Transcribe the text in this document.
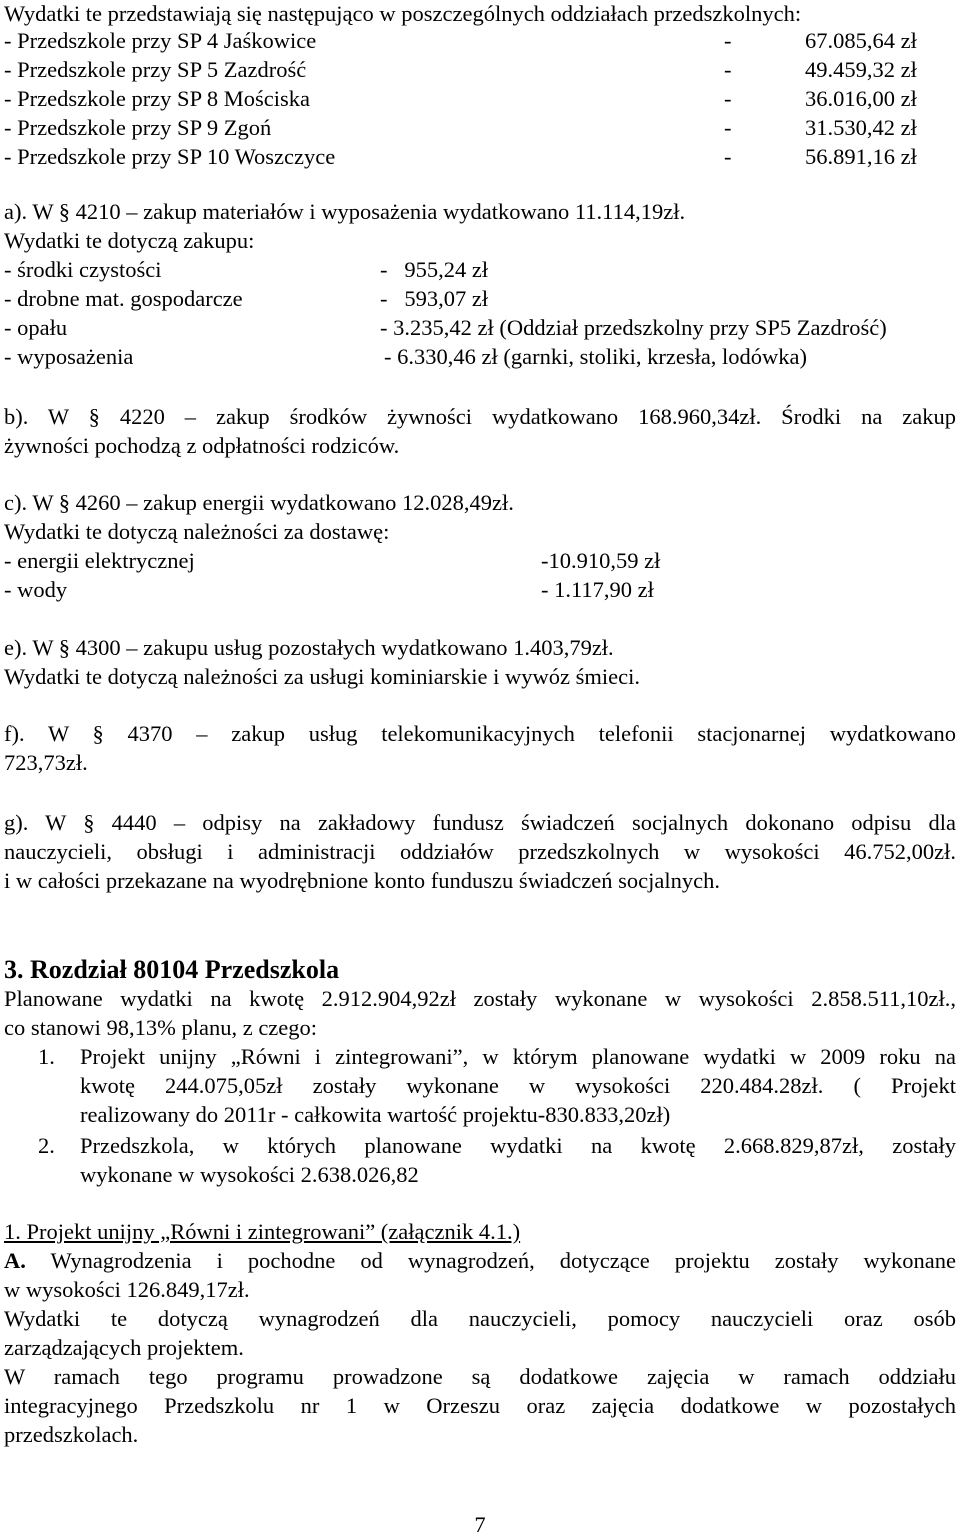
Wydatki te przedstawiają się następująco w poszczególnych oddziałach przedszkolnych:
- Przedszkole przy SP 4 Jaśkowice	-	67.085,64 zł
- Przedszkole przy SP 5 Zazdrość	-	49.459,32 zł
- Przedszkole przy SP 8 Mościska	-	36.016,00 zł
- Przedszkole przy SP 9 Zgoń	-	31.530,42 zł
- Przedszkole przy SP 10 Woszczyce	-	56.891,16 zł
a). W § 4210 – zakup materiałów i wyposażenia wydatkowano 11.114,19zł.
Wydatki te dotyczą zakupu:
- środki czystości	-   955,24 zł
- drobne mat. gospodarcze	-   593,07 zł
- opału	- 3.235,42 zł (Oddział przedszkolny przy SP5 Zazdrość)
- wyposażenia	- 6.330,46 zł (garnki, stoliki, krzesła, lodówka)
b). W § 4220 – zakup środków żywności wydatkowano 168.960,34zł. Środki na zakup
żywności pochodzą z odpłatności rodziców.
c). W § 4260 – zakup energii wydatkowano 12.028,49zł.
Wydatki te dotyczą należności za dostawę:
- energii elektrycznej	-10.910,59 zł
- wody	- 1.117,90 zł
e). W § 4300 – zakupu usług pozostałych wydatkowano 1.403,79zł.
Wydatki te dotyczą należności za usługi kominiarskie i wywóz śmieci.
f). W § 4370 – zakup usług telekomunikacyjnych telefonii stacjonarnej wydatkowano
723,73zł.
g). W § 4440 – odpisy na zakładowy fundusz świadczeń socjalnych dokonano odpisu dla
nauczycieli, obsługi i administracji oddziałów przedszkolnych w wysokości 46.752,00zł.
i w całości przekazane na wyodrębnione konto funduszu świadczeń socjalnych.
3. Rozdział 80104 Przedszkola
Planowane wydatki na kwotę 2.912.904,92zł zostały wykonane w wysokości 2.858.511,10zł.,
co stanowi 98,13% planu, z czego:
1. Projekt unijny „Równi i zintegrowani”, w którym planowane wydatki w 2009 roku na
kwotę 244.075,05zł zostały wykonane w wysokości 220.484.28zł. ( Projekt
realizowany do 2011r - całkowita wartość projektu-830.833,20zł)
2. Przedszkola, w których planowane wydatki na kwotę 2.668.829,87zł, zostały
wykonane w wysokości 2.638.026,82
1. Projekt unijny „Równi i zintegrowani” (załącznik 4.1.)
A. Wynagrodzenia i pochodne od wynagrodzeń, dotyczące projektu zostały wykonane
w wysokości 126.849,17zł.
Wydatki te dotyczą wynagrodzeń dla nauczycieli, pomocy nauczycieli oraz osób
zarządzających projektem.
W ramach tego programu prowadzone są dodatkowe zajęcia w ramach oddziału
integracyjnego Przedszkolu nr 1 w Orzeszu oraz zajęcia dodatkowe w pozostałych
przedszkolach.
7
